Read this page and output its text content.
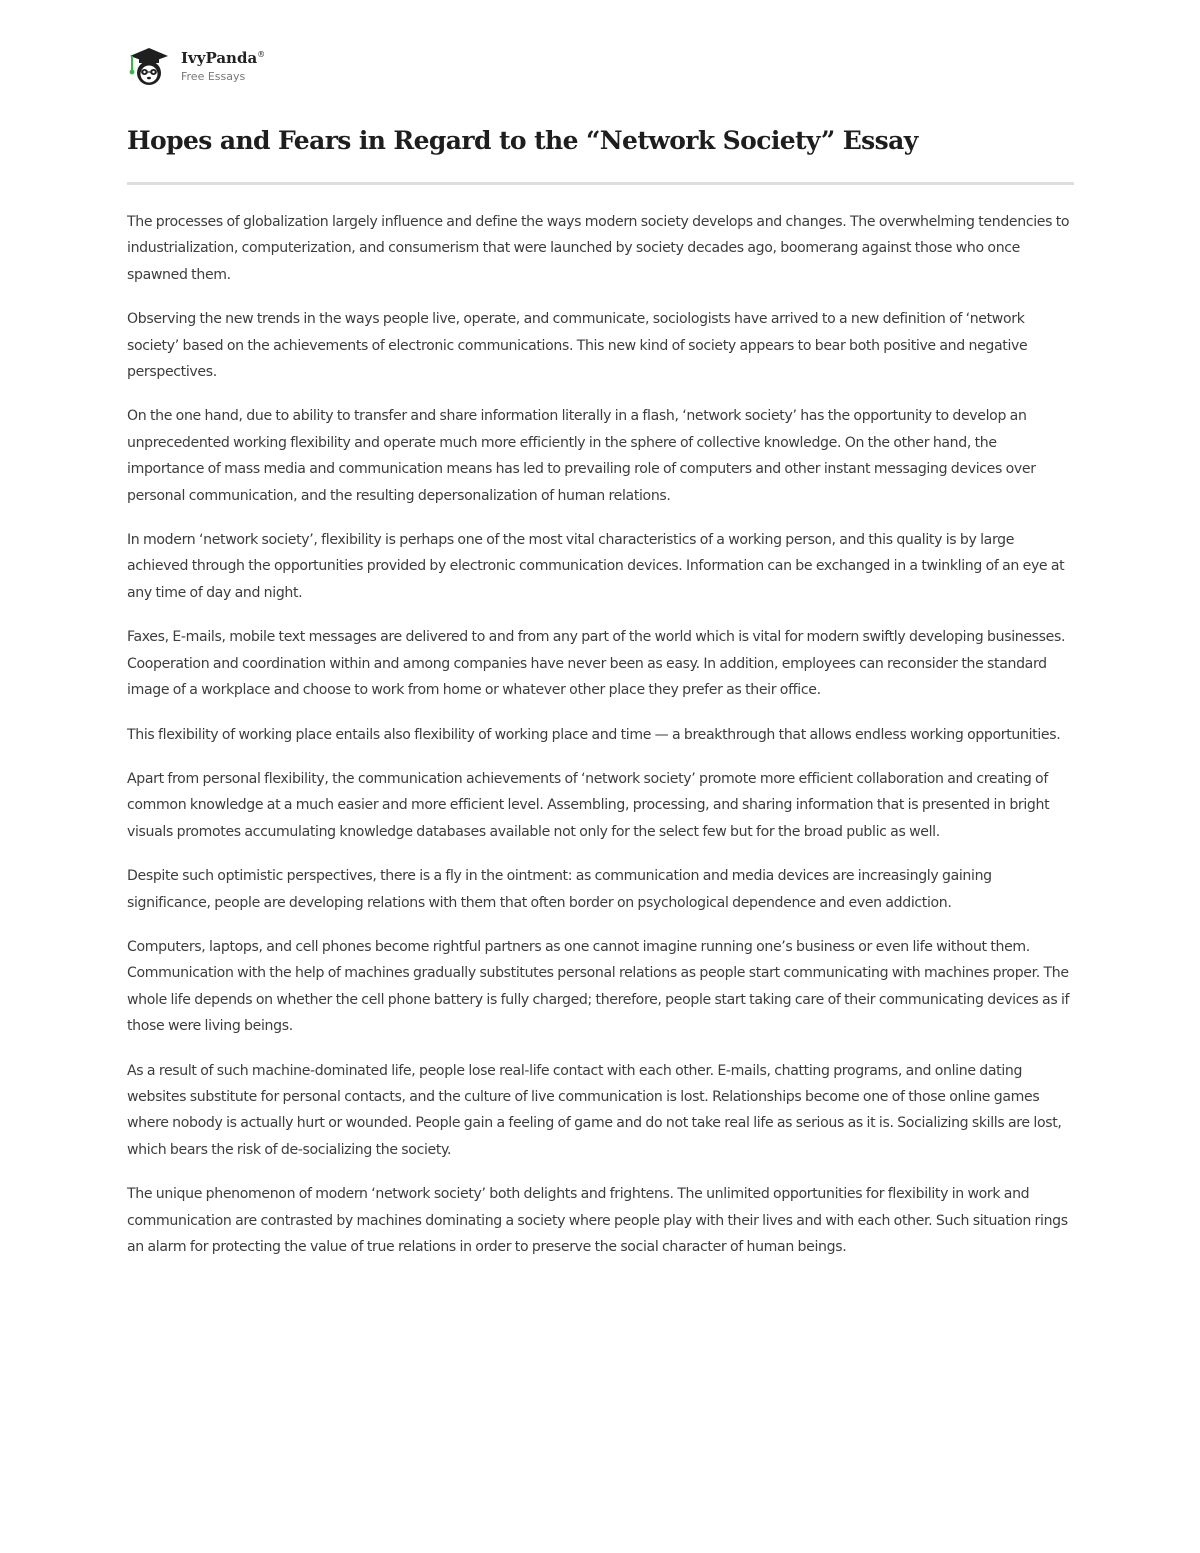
IvyPanda®
Free Essays
Hopes and Fears in Regard to the “Network Society” Essay

The processes of globalization largely influence and define the ways modern society develops and changes. The overwhelming tendencies to industrialization, computerization, and consumerism that were launched by society decades ago, boomerang against those who once spawned them.

Observing the new trends in the ways people live, operate, and communicate, sociologists have arrived to a new definition of ‘network society’ based on the achievements of electronic communications. This new kind of society appears to bear both positive and negative perspectives.

On the one hand, due to ability to transfer and share information literally in a flash, ‘network society’ has the opportunity to develop an unprecedented working flexibility and operate much more efficiently in the sphere of collective knowledge. On the other hand, the importance of mass media and communication means has led to prevailing role of computers and other instant messaging devices over personal communication, and the resulting depersonalization of human relations.

In modern ‘network society’, flexibility is perhaps one of the most vital characteristics of a working person, and this quality is by large achieved through the opportunities provided by electronic communication devices. Information can be exchanged in a twinkling of an eye at any time of day and night.

Faxes, E-mails, mobile text messages are delivered to and from any part of the world which is vital for modern swiftly developing businesses. Cooperation and coordination within and among companies have never been as easy. In addition, employees can reconsider the standard image of a workplace and choose to work from home or whatever other place they prefer as their office.

This flexibility of working place entails also flexibility of working place and time — a breakthrough that allows endless working opportunities.

Apart from personal flexibility, the communication achievements of ‘network society’ promote more efficient collaboration and creating of common knowledge at a much easier and more efficient level. Assembling, processing, and sharing information that is presented in bright visuals promotes accumulating knowledge databases available not only for the select few but for the broad public as well.

Despite such optimistic perspectives, there is a fly in the ointment: as communication and media devices are increasingly gaining significance, people are developing relations with them that often border on psychological dependence and even addiction.

Computers, laptops, and cell phones become rightful partners as one cannot imagine running one’s business or even life without them. Communication with the help of machines gradually substitutes personal relations as people start communicating with machines proper. The whole life depends on whether the cell phone battery is fully charged; therefore, people start taking care of their communicating devices as if those were living beings.

As a result of such machine-dominated life, people lose real-life contact with each other. E-mails, chatting programs, and online dating websites substitute for personal contacts, and the culture of live communication is lost. Relationships become one of those online games where nobody is actually hurt or wounded. People gain a feeling of game and do not take real life as serious as it is. Socializing skills are lost, which bears the risk of de-socializing the society.

The unique phenomenon of modern ‘network society’ both delights and frightens. The unlimited opportunities for flexibility in work and communication are contrasted by machines dominating a society where people play with their lives and with each other. Such situation rings an alarm for protecting the value of true relations in order to preserve the social character of human beings.
